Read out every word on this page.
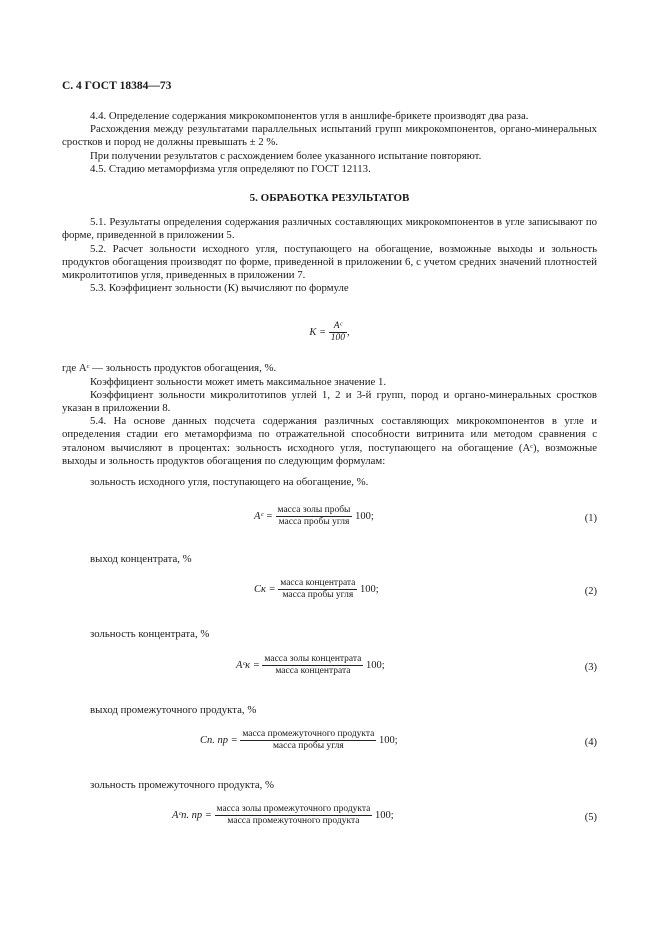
С. 4 ГОСТ 18384—73

4.4. Определение содержания микрокомпонентов угля в аншлифе-брикете производят два раза.

Расхождения между результатами параллельных испытаний групп микрокомпонентов, органо-минеральных сростков и пород не должны превышать ± 2 %.

При получении результатов с расхождением более указанного испытание повторяют.

4.5. Стадию метаморфизма угля определяют по ГОСТ 12113.

5. ОБРАБОТКА РЕЗУЛЬТАТОВ

5.1. Результаты определения содержания различных составляющих микрокомпонентов в угле записывают по форме, приведенной в приложении 5.

5.2. Расчет зольности исходного угля, поступающего на обогащение, возможные выходы и зольность продуктов обогащения производят по форме, приведенной в приложении 6, с учетом средних значений плотностей микролитотипов угля, приведенных в приложении 7.

5.3. Коэффициент зольности (К) вычисляют по формуле

$K = \frac{\text{Aᶜ}}{100}$ ,

где Aᶜ — зольность продуктов обогащения, %.

Коэффициент зольности может иметь максимальное значение 1.

Коэффициент зольности микролитотипов углей 1, 2 и 3-й групп, пород и органо-минеральных сростков указан в приложении 8.

5.4. На основе данных подсчета содержания различных составляющих микрокомпонентов в угле и определения стадии его метаморфизма по отражательной способности витринита или методом сравнения с эталоном вычисляют в процентах: зольность исходного угля, поступающего на обогащение (Aᶜ), возможные выходы и зольность продуктов обогащения по следующим формулам:

зольность исходного угля, поступающего на обогащение, %.
Aᶜ = $\frac{\text{масса золы пробы}}{\text{масса пробы угля}} 100$;	(1)
выход концентрата, %
Cк = $\frac{\text{масса концентрата}}{\text{масса пробы угля}} 100$;	(2)
зольность концентрата, %
Aᶜк = $\frac{\text{масса золы концентрата}}{\text{масса концентрата}} 100$;	(3)
выход промежуточного продукта, %
Cп. пр = $\frac{\text{масса промежуточного продукта}}{\text{масса пробы угля}} 100$;	(4)
зольность промежуточного продукта, %
Aᶜп. пр = $\frac{\text{масса золы промежуточного продукта}}{\text{масса промежуточного продукта}} 100$;	(5)
